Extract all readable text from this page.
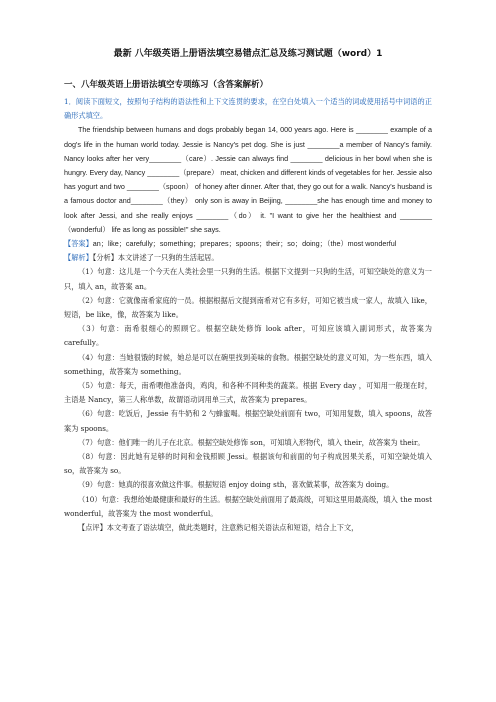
最新 八年级英语上册语法填空易错点汇总及练习测试题（word）1
一、八年级英语上册语法填空专项练习（含答案解析）

1．阅读下面短文，按照句子结构的语法性和上下文连贯的要求，在空白处填入一个适当的词或使用括号中词语的正确形式填空。

The friendship between humans and dogs probably began 14, 000 years ago. Here is ________ example of a dog's life in the human world today. Jessie is Nancy's pet dog. She is just ________a member of Nancy's family. Nancy looks after her very________（care）. Jessie can always find ________ delicious in her bowl when she is hungry. Every day, Nancy ________（prepare） meat, chicken and different kinds of vegetables for her. Jessie also has yogurt and two ________（spoon） of honey after dinner. After that, they go out for a walk. Nancy's husband is a famous doctor and________（they） only son is away in Beijing, ________she has enough time and money to look after Jessi, and she really enjoys ________（do） it. "I want to give her the healthiest and ________（wonderful） life as long as possible!" she says.

【答案】an；like；carefully；something；prepares；spoons；their；so；doing；（the）most wonderful

【解析】【分析】本文讲述了一只狗的生活起居。

（1）句意：这儿是一个今天在人类社会里一只狗的生活。根据下文提到一只狗的生活，可知空缺处的意义为一只，填入 an，故答案 an。

（2）句意：它就像南希家庭的一员。根据根据后文提到南希对它有多好，可知它被当成一家人，故填入 like，短语，be like，像，故答案为 like。

（3）句意：南希很细心的照顾它。根据空缺处修饰 look after，可知应该填入副词形式，故答案为 carefully。

（4）句意：当她很饿的时候，她总是可以在碗里找到美味的食物。根据空缺处的意义可知，为一些东西，填入 something，故答案为 something。

（5）句意：每天，南希喂他准备肉，鸡肉，和各种不同种类的蔬菜。根据 Every day ，可知用一般现在时，主语是 Nancy，第三人称单数，故谓语动词用单三式，故答案为 prepares。

（6）句意：吃饭后，Jessie 有牛奶和 2 勺蜂蜜喝。根据空缺处前面有 two，可知用复数，填入 spoons，故答案为 spoons。

（7）句意：他们唯一的儿子在北京。根据空缺处修饰 son，可知填入形物代，填入 their，故答案为 their。

（8）句意：因此她有足够的时间和金钱照顾 Jessi。根据该句和前面的句子构成因果关系，可知空缺处填入 so，故答案为 so。

（9）句意：她真的很喜欢做这件事。根据短语 enjoy doing sth，喜欢做某事，故答案为 doing。

（10）句意：我想给她最健康和最好的生活。根据空缺处前面用了最高级，可知这里用最高级，填入 the most wonderful，故答案为 the most wonderful。

【点评】本文考查了语法填空，做此类题时，注意熟记相关语法点和短语，结合上下文，
